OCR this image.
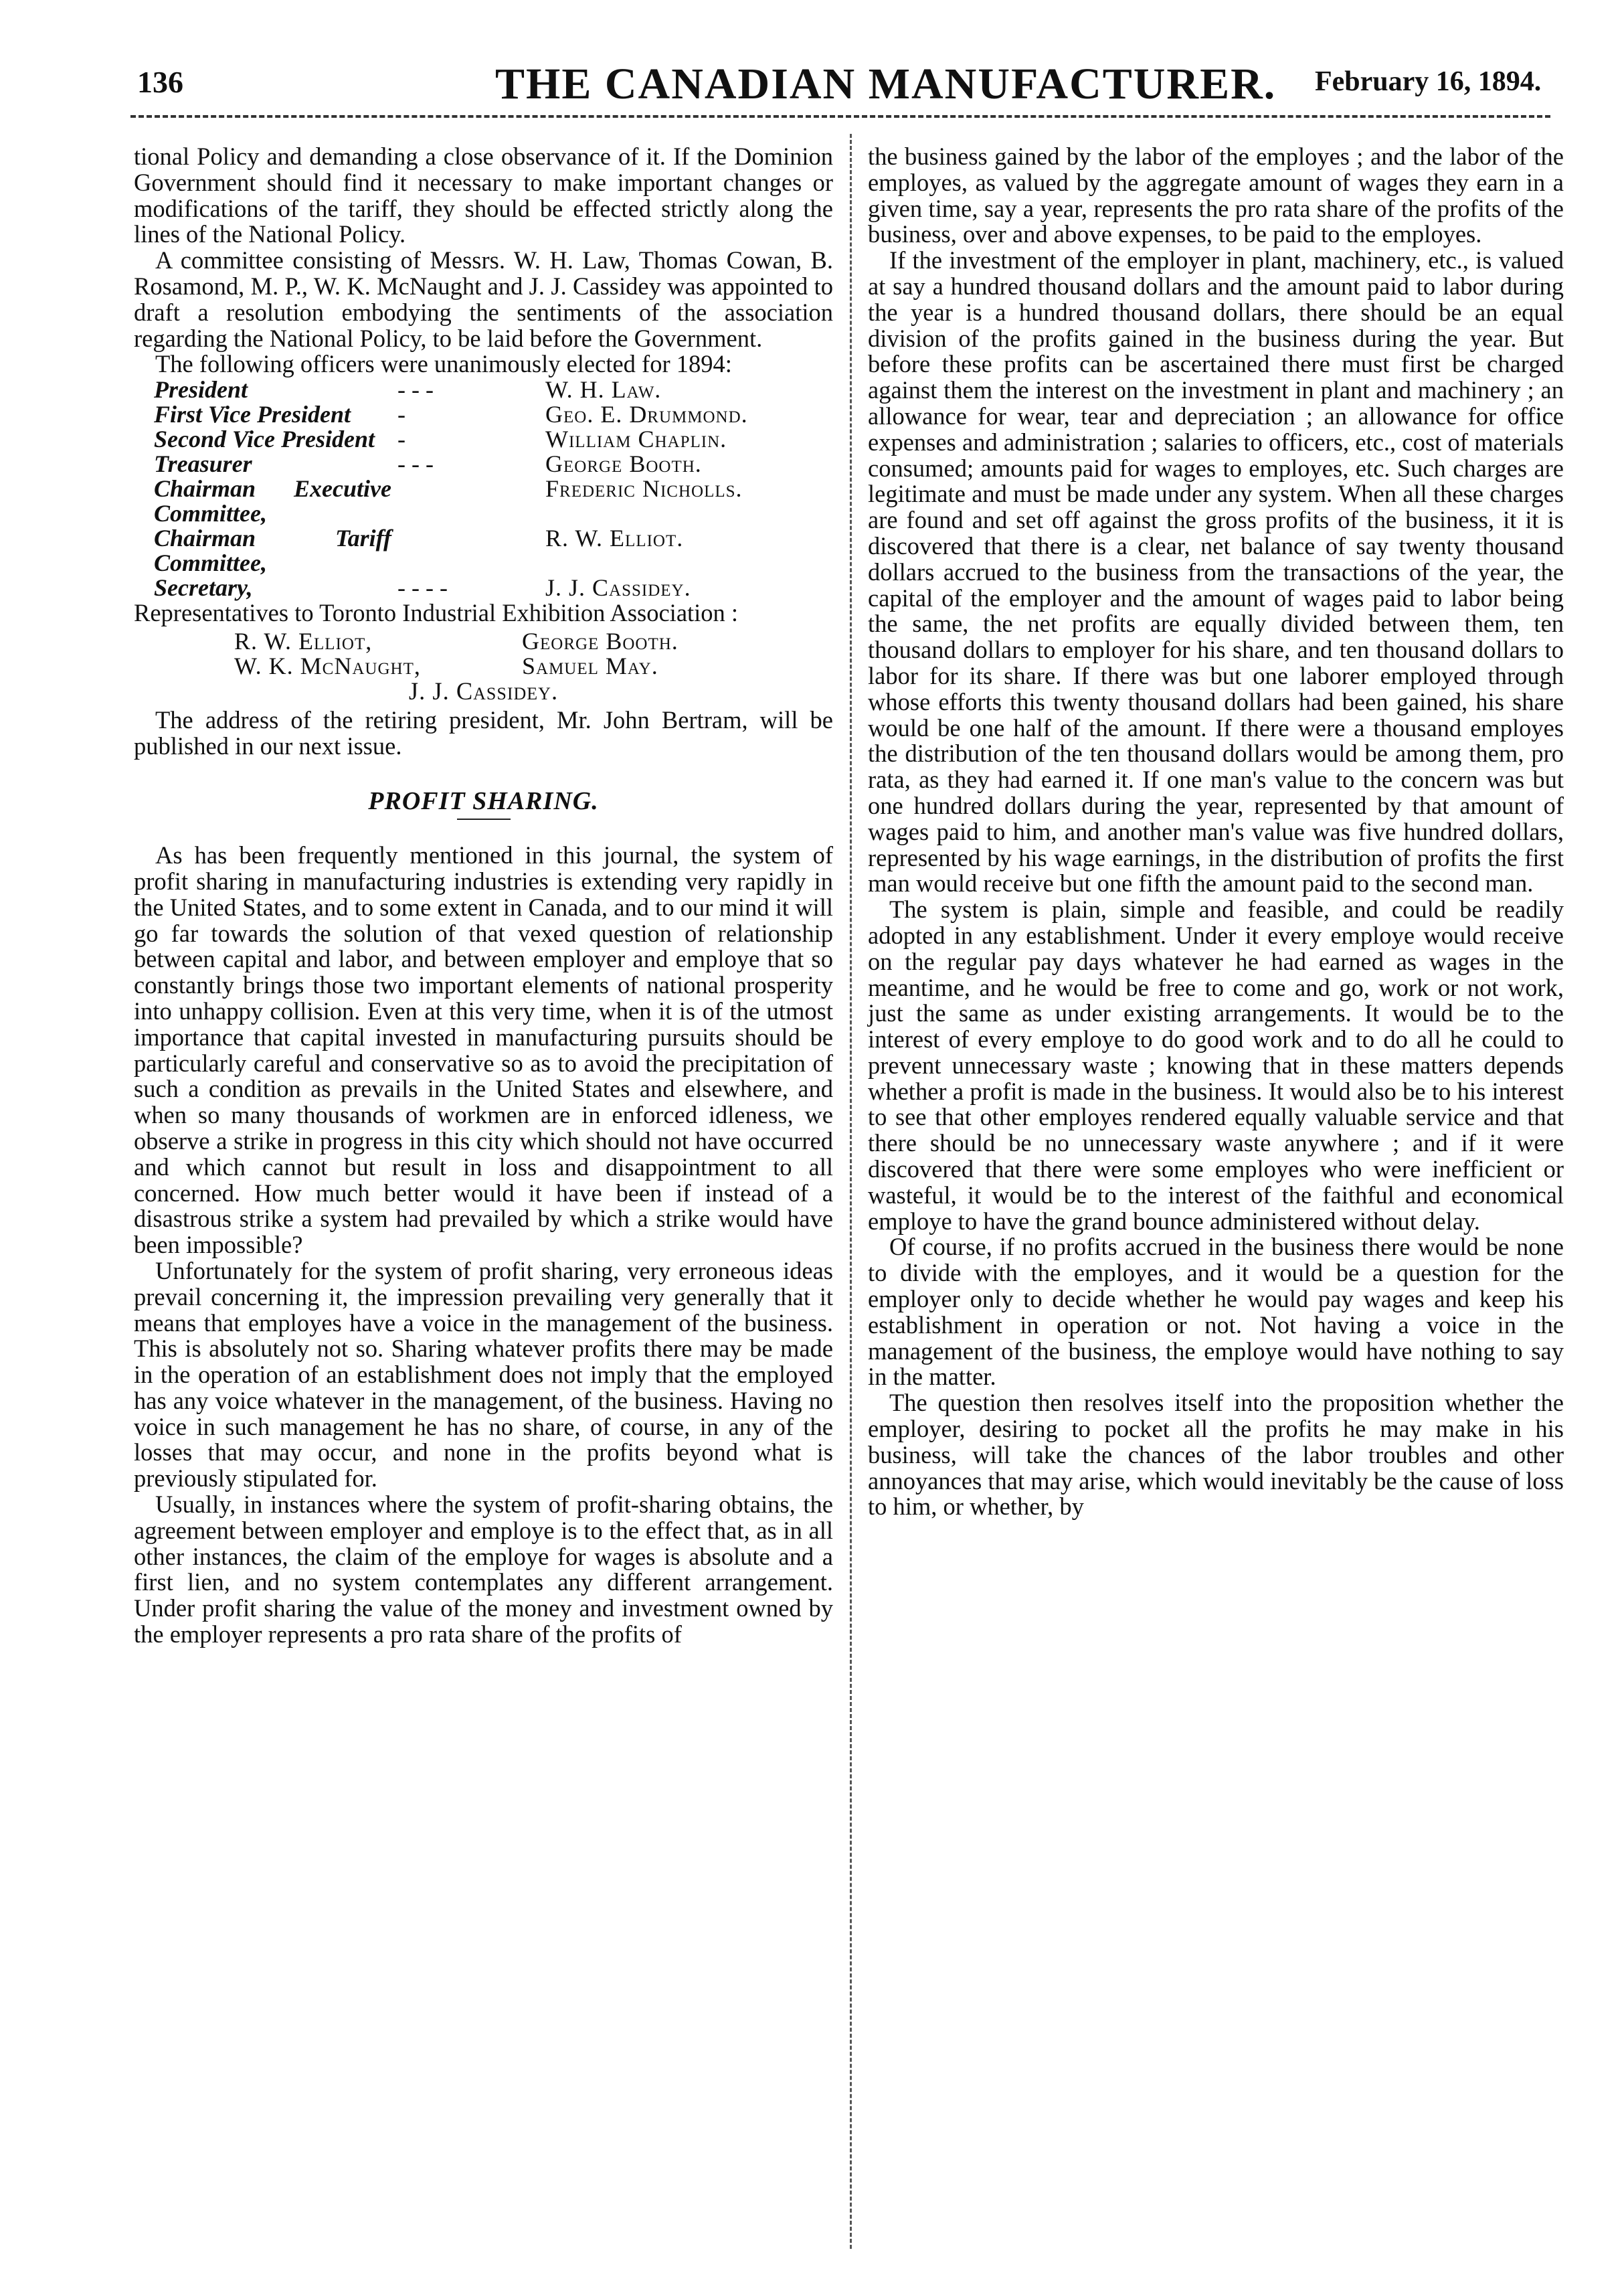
136	THE CANADIAN MANUFACTURER. February 16, 1894.

tional Policy and demanding a close observance of it. If the Dominion Government should find it necessary to make important changes or modifications of the tariff, they should be effected strictly along the lines of the National Policy.

A committee consisting of Messrs. W. H. Law, Thomas Cowan, B. Rosamond, M. P., W. K. McNaught and J. J. Cassidey was appointed to draft a resolution embodying the sentiments of the association regarding the National Policy, to be laid before the Government.

The following officers were unanimously elected for 1894:

President	- - -	W. H. Law.
First Vice President	-	Geo. E. Drummond.
Second Vice President	-	William Chaplin.
Treasurer	- - -	George Booth.
Chairman Executive Committee,		Frederic Nicholls.
Chairman Tariff Committee,		R. W. Elliot.
Secretary,	- - - -	J. J. Cassidey.

Representatives to Toronto Industrial Exhibition Association :

R. W. Elliot,	George Booth.
W. K. McNaught,	Samuel May.
J. J. Cassidey.

The address of the retiring president, Mr. John Bertram, will be published in our next issue.

PROFIT SHARING.

As has been frequently mentioned in this journal, the system of profit sharing in manufacturing industries is extending very rapidly in the United States, and to some extent in Canada, and to our mind it will go far towards the solution of that vexed question of relationship between capital and labor, and between employer and employe that so constantly brings those two important elements of national prosperity into unhappy collision. Even at this very time, when it is of the utmost importance that capital invested in manufacturing pursuits should be particularly careful and conservative so as to avoid the precipitation of such a condition as prevails in the United States and elsewhere, and when so many thousands of workmen are in enforced idleness, we observe a strike in progress in this city which should not have occurred and which cannot but result in loss and disappointment to all concerned. How much better would it have been if instead of a disastrous strike a system had prevailed by which a strike would have been impossible?

Unfortunately for the system of profit sharing, very erroneous ideas prevail concerning it, the impression prevailing very generally that it means that employes have a voice in the management of the business. This is absolutely not so. Sharing whatever profits there may be made in the operation of an establishment does not imply that the employed has any voice whatever in the management, of the business. Having no voice in such management he has no share, of course, in any of the losses that may occur, and none in the profits beyond what is previously stipulated for.

Usually, in instances where the system of profit-sharing obtains, the agreement between employer and employe is to the effect that, as in all other instances, the claim of the employe for wages is absolute and a first lien, and no system contemplates any different arrangement. Under profit sharing the value of the money and investment owned by the employer represents a pro rata share of the profits of

the business gained by the labor of the employes ; and the labor of the employes, as valued by the aggregate amount of wages they earn in a given time, say a year, represents the pro rata share of the profits of the business, over and above expenses, to be paid to the employes.

If the investment of the employer in plant, machinery, etc., is valued at say a hundred thousand dollars and the amount paid to labor during the year is a hundred thousand dollars, there should be an equal division of the profits gained in the business during the year. But before these profits can be ascertained there must first be charged against them the interest on the investment in plant and machinery ; an allowance for wear, tear and depreciation ; an allowance for office expenses and administration ; salaries to officers, etc., cost of materials consumed; amounts paid for wages to employes, etc. Such charges are legitimate and must be made under any system. When all these charges are found and set off against the gross profits of the business, it it is discovered that there is a clear, net balance of say twenty thousand dollars accrued to the business from the transactions of the year, the capital of the employer and the amount of wages paid to labor being the same, the net profits are equally divided between them, ten thousand dollars to employer for his share, and ten thousand dollars to labor for its share. If there was but one laborer employed through whose efforts this twenty thousand dollars had been gained, his share would be one half of the amount. If there were a thousand employes the distribution of the ten thousand dollars would be among them, pro rata, as they had earned it. If one man's value to the concern was but one hundred dollars during the year, represented by that amount of wages paid to him, and another man's value was five hundred dollars, represented by his wage earnings, in the distribution of profits the first man would receive but one fifth the amount paid to the second man.

The system is plain, simple and feasible, and could be readily adopted in any establishment. Under it every employe would receive on the regular pay days whatever he had earned as wages in the meantime, and he would be free to come and go, work or not work, just the same as under existing arrangements. It would be to the interest of every employe to do good work and to do all he could to prevent unnecessary waste ; knowing that in these matters depends whether a profit is made in the business. It would also be to his interest to see that other employes rendered equally valuable service and that there should be no unnecessary waste anywhere ; and if it were discovered that there were some employes who were inefficient or wasteful, it would be to the interest of the faithful and economical employe to have the grand bounce administered without delay.

Of course, if no profits accrued in the business there would be none to divide with the employes, and it would be a question for the employer only to decide whether he would pay wages and keep his establishment in operation or not. Not having a voice in the management of the business, the employe would have nothing to say in the matter.

The question then resolves itself into the proposition whether the employer, desiring to pocket all the profits he may make in his business, will take the chances of the labor troubles and other annoyances that may arise, which would inevitably be the cause of loss to him, or whether, by
